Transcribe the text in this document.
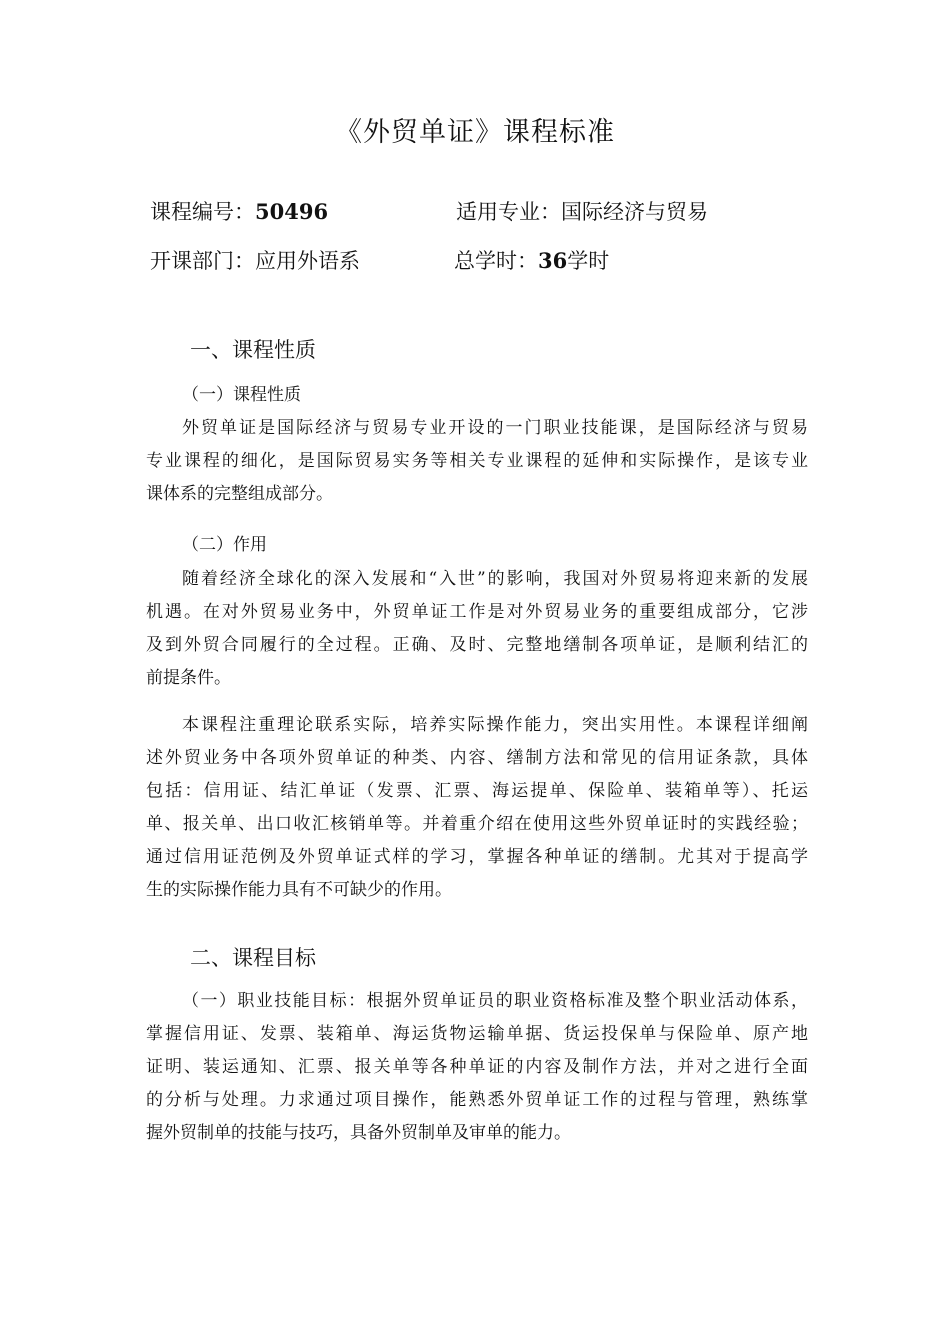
《外贸单证》课程标准
课程编号：50496	适用专业：国际经济与贸易
开课部门：应用外语系	总学时：36学时
一、课程性质
（一）课程性质
外贸单证是国际经济与贸易专业开设的一门职业技能课，是国际经济与贸易
专业课程的细化，是国际贸易实务等相关专业课程的延伸和实际操作，是该专业
课体系的完整组成部分。
（二）作用
随着经济全球化的深入发展和“入世”的影响，我国对外贸易将迎来新的发展
机遇。在对外贸易业务中，外贸单证工作是对外贸易业务的重要组成部分，它涉
及到外贸合同履行的全过程。正确、及时、完整地缮制各项单证，是顺利结汇的
前提条件。
本课程注重理论联系实际，培养实际操作能力，突出实用性。本课程详细阐
述外贸业务中各项外贸单证的种类、内容、缮制方法和常见的信用证条款，具体
包括：信用证、结汇单证（发票、汇票、海运提单、保险单、装箱单等）、托运
单、报关单、出口收汇核销单等。并着重介绍在使用这些外贸单证时的实践经验；
通过信用证范例及外贸单证式样的学习，掌握各种单证的缮制。尤其对于提高学
生的实际操作能力具有不可缺少的作用。
二、课程目标
（一）职业技能目标：根据外贸单证员的职业资格标准及整个职业活动体系，
掌握信用证、发票、装箱单、海运货物运输单据、货运投保单与保险单、原产地
证明、装运通知、汇票、报关单等各种单证的内容及制作方法，并对之进行全面
的分析与处理。力求通过项目操作，能熟悉外贸单证工作的过程与管理，熟练掌
握外贸制单的技能与技巧，具备外贸制单及审单的能力。
